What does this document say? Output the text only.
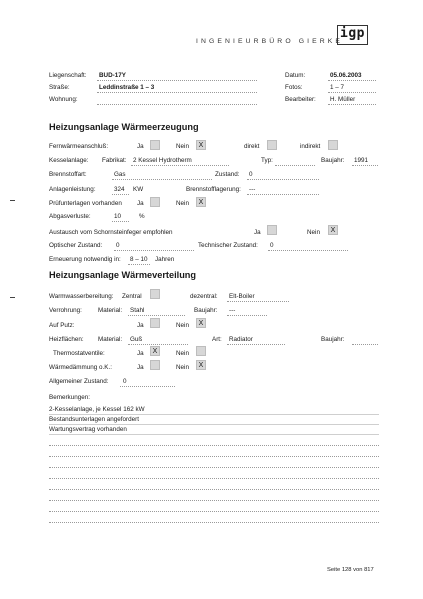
INGENIEURBÜRO GIERKE
igp
Liegenschaft: BUD-17Y	Datum:	05.06.2003
Straße:	Leddinstraße 1 – 3	Fotos:	1 – 7
Wohnung:	Bearbeiter: H. Müller
Heizungsanlage Wärmeerzeugung
Fernwärmeanschluß:	Ja	Nein	X	direkt	indirekt
Kesselanlage: Fabrikat: 2 Kessel Hydrotherm	Typ:	Baujahr: 1991
Brennstoffart:	Gas	Zustand: 0
Anlagenleistung:	324 KW	Brennstofflagerung: ---
Prüfunterlagen vorhanden Ja	Nein	X
Abgasverluste:	10	%
Austausch vom Schornsteinfeger empfohlen	Ja	Nein	X
Optischer Zustand: 0	Technischer Zustand: 0
Erneuerung notwendig in: 8 – 10 Jahren
Heizungsanlage Wärmeverteilung
Warmwasserbereitung: Zentral	dezentral: Elt-Boiler
Verrohrung:	Material: Stahl	Baujahr: ---
Auf Putz:	Ja	Nein	X
Heizflächen: Material: Guß	Art: Radiator	Baujahr:
Thermostatventile:	Ja	X	Nein
Wärmedämmung o.K.:	Ja	Nein	X
Allgemeiner Zustand: 0
Bemerkungen:
2-Kesselanlage, je Kessel 162 kW
Bestandsunterlagen angefordert
Wartungsvertrag vorhanden
Seite 128 von 817
